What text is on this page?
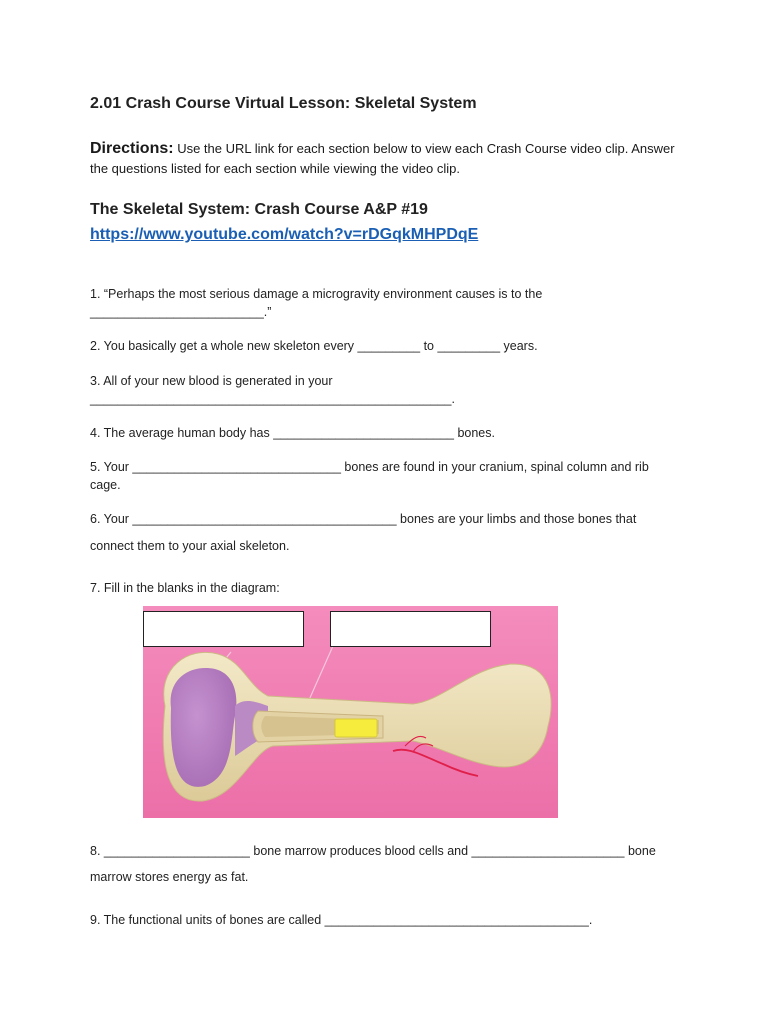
2.01 Crash Course Virtual Lesson: Skeletal System
Directions: Use the URL link for each section below to view each Crash Course video clip. Answer the questions listed for each section while viewing the video clip.
The Skeletal System: Crash Course A&P #19
https://www.youtube.com/watch?v=rDGqkMHPDqE
1. “Perhaps the most serious damage a microgravity environment causes is to the
_________________________.”
2. You basically get a whole new skeleton every _________ to _________ years.
3. All of your new blood is generated in your
____________________________________________________.
4. The average human body has __________________________ bones.
5. Your ______________________________ bones are found in your cranium, spinal column and rib
cage.
6. Your ______________________________________ bones are your limbs and those bones that
connect them to your axial skeleton.
7. Fill in the blanks in the diagram:
8. _____________________ bone marrow produces blood cells and ______________________ bone
marrow stores energy as fat.
9. The functional units of bones are called ______________________________________.
